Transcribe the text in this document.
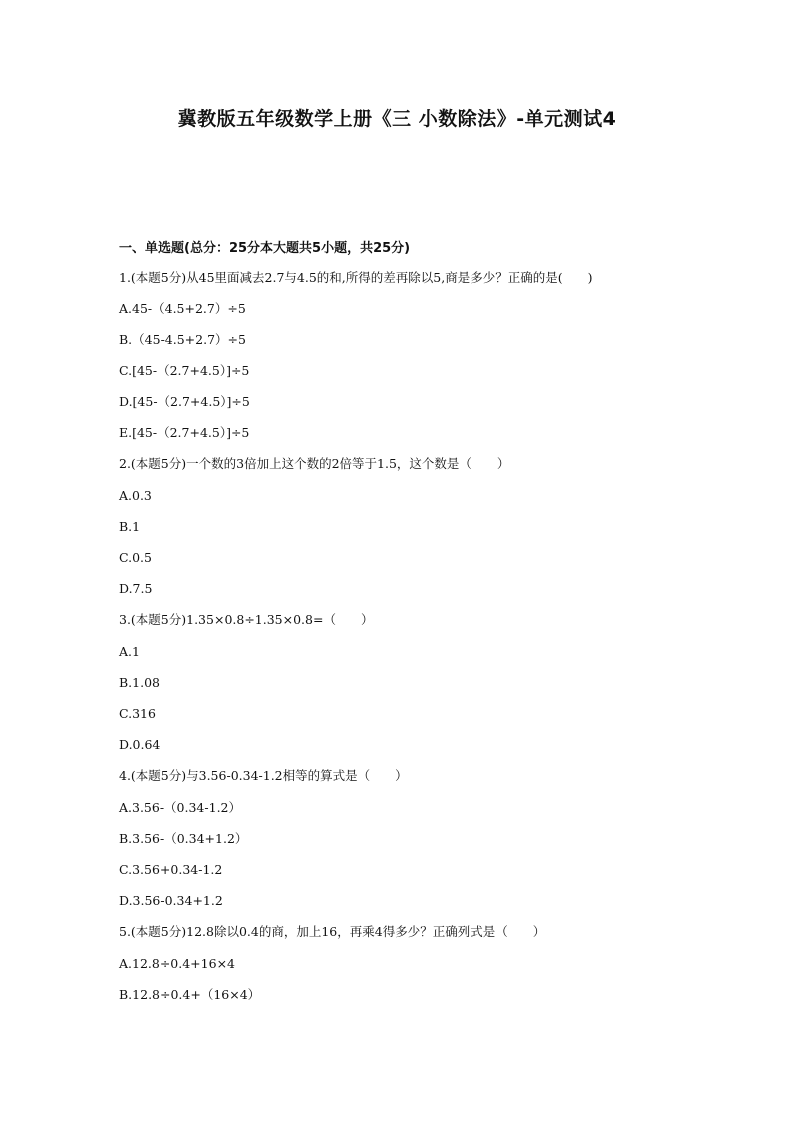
冀教版五年级数学上册《三 小数除法》-单元测试4
一、单选题(总分：25分本大题共5小题，共25分)
1.(本题5分)从45里面减去2.7与4.5的和,所得的差再除以5,商是多少？正确的是(　　)
A.45-（4.5+2.7）÷5
B.（45-4.5+2.7）÷5
C.[45-（2.7+4.5）]÷5
D.[45-（2.7+4.5）]÷5
E.[45-（2.7+4.5）]÷5
2.(本题5分)一个数的3倍加上这个数的2倍等于1.5，这个数是（　　）
A.0.3
B.1
C.0.5
D.7.5
3.(本题5分)1.35×0.8÷1.35×0.8=（　　）
A.1
B.1.08
C.316
D.0.64
4.(本题5分)与3.56-0.34-1.2相等的算式是（　　）
A.3.56-（0.34-1.2）
B.3.56-（0.34+1.2）
C.3.56+0.34-1.2
D.3.56-0.34+1.2
5.(本题5分)12.8除以0.4的商，加上16，再乘4得多少？正确列式是（　　）
A.12.8÷0.4+16×4
B.12.8÷0.4+（16×4）
